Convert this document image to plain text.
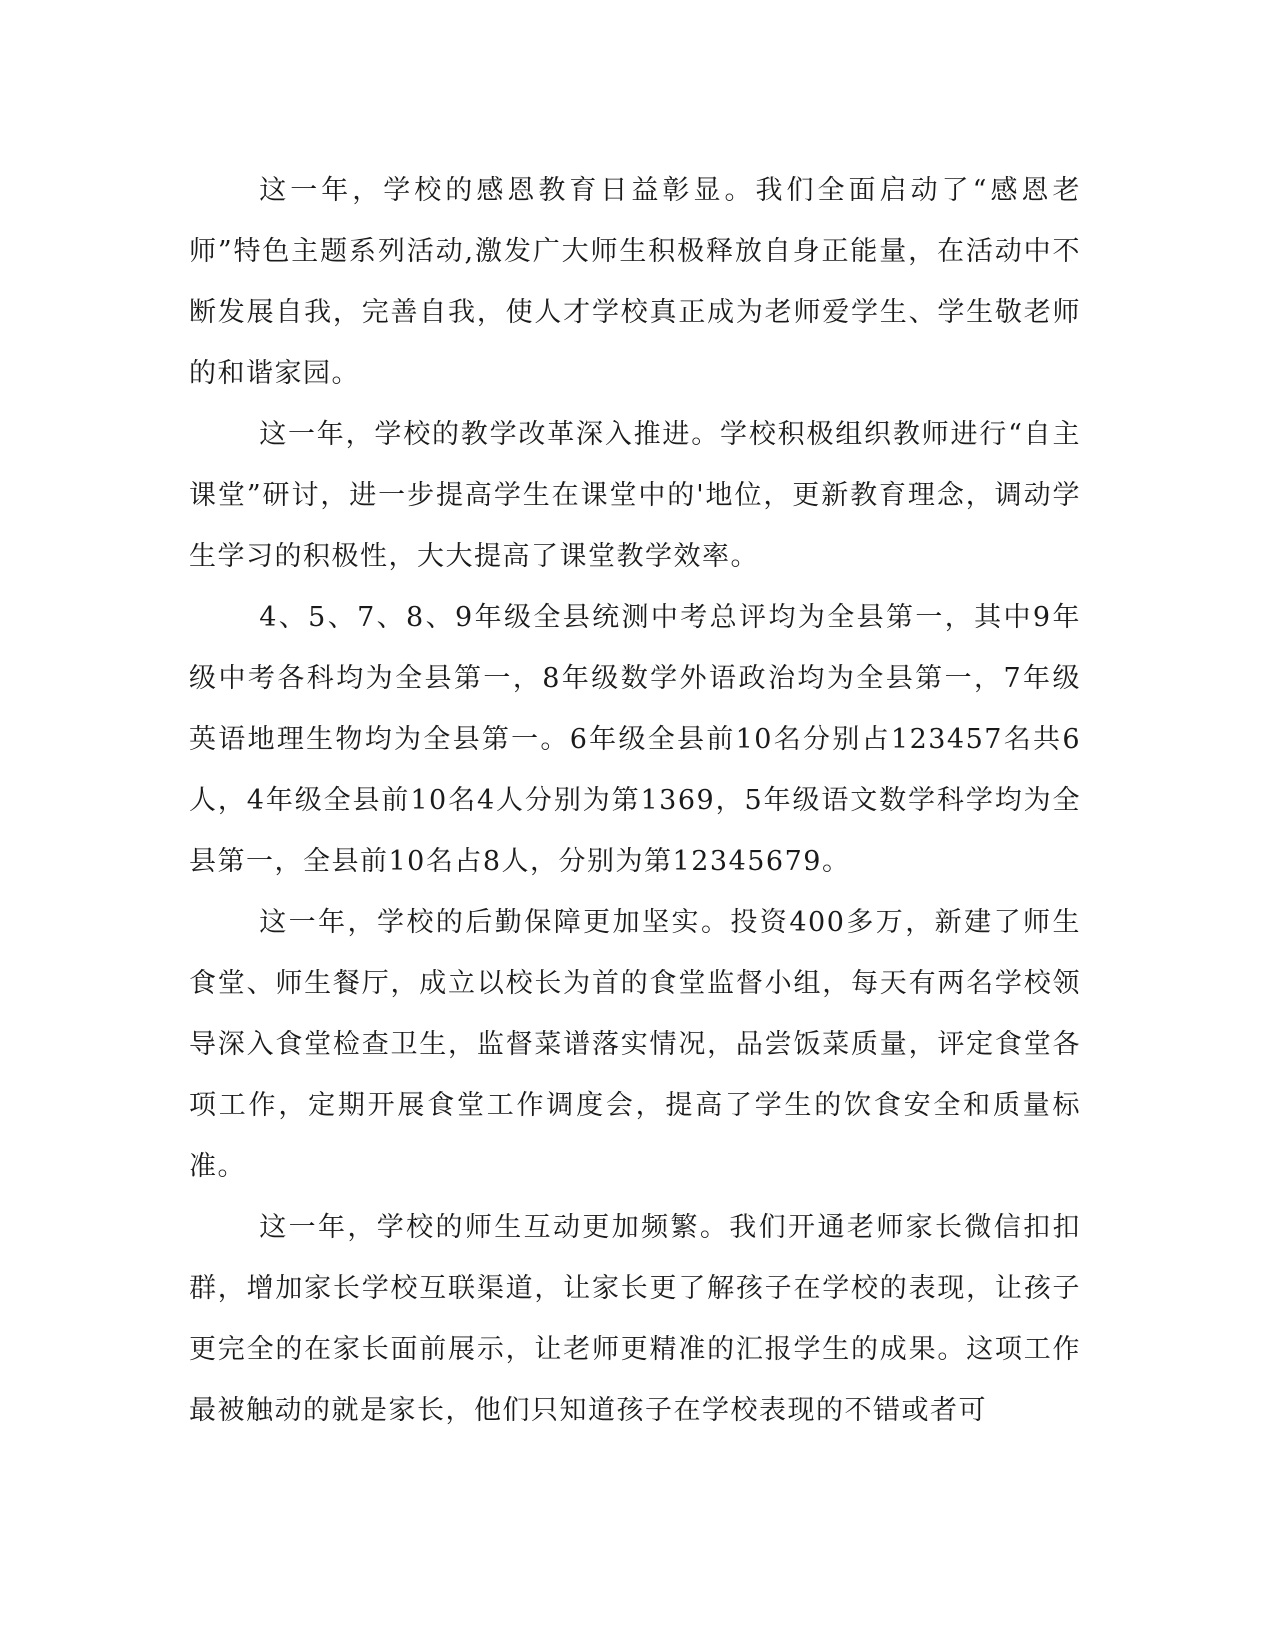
这一年，学校的感恩教育日益彰显。我们全面启动了“感恩老师”特色主题系列活动,激发广大师生积极释放自身正能量，在活动中不断发展自我，完善自我，使人才学校真正成为老师爱学生、学生敬老师的和谐家园。

这一年，学校的教学改革深入推进。学校积极组织教师进行“自主课堂”研讨，进一步提高学生在课堂中的'地位，更新教育理念，调动学生学习的积极性，大大提高了课堂教学效率。

4、5、7、8、9年级全县统测中考总评均为全县第一，其中9年级中考各科均为全县第一，8年级数学外语政治均为全县第一，7年级英语地理生物均为全县第一。6年级全县前10名分别占123457名共6人，4年级全县前10名4人分别为第1369，5年级语文数学科学均为全县第一，全县前10名占8人，分别为第12345679。

这一年，学校的后勤保障更加坚实。投资400多万，新建了师生食堂、师生餐厅，成立以校长为首的食堂监督小组，每天有两名学校领导深入食堂检查卫生，监督菜谱落实情况，品尝饭菜质量，评定食堂各项工作，定期开展食堂工作调度会，提高了学生的饮食安全和质量标准。

这一年，学校的师生互动更加频繁。我们开通老师家长微信扣扣群，增加家长学校互联渠道，让家长更了解孩子在学校的表现，让孩子更完全的在家长面前展示，让老师更精准的汇报学生的成果。这项工作最被触动的就是家长，他们只知道孩子在学校表现的不错或者可
